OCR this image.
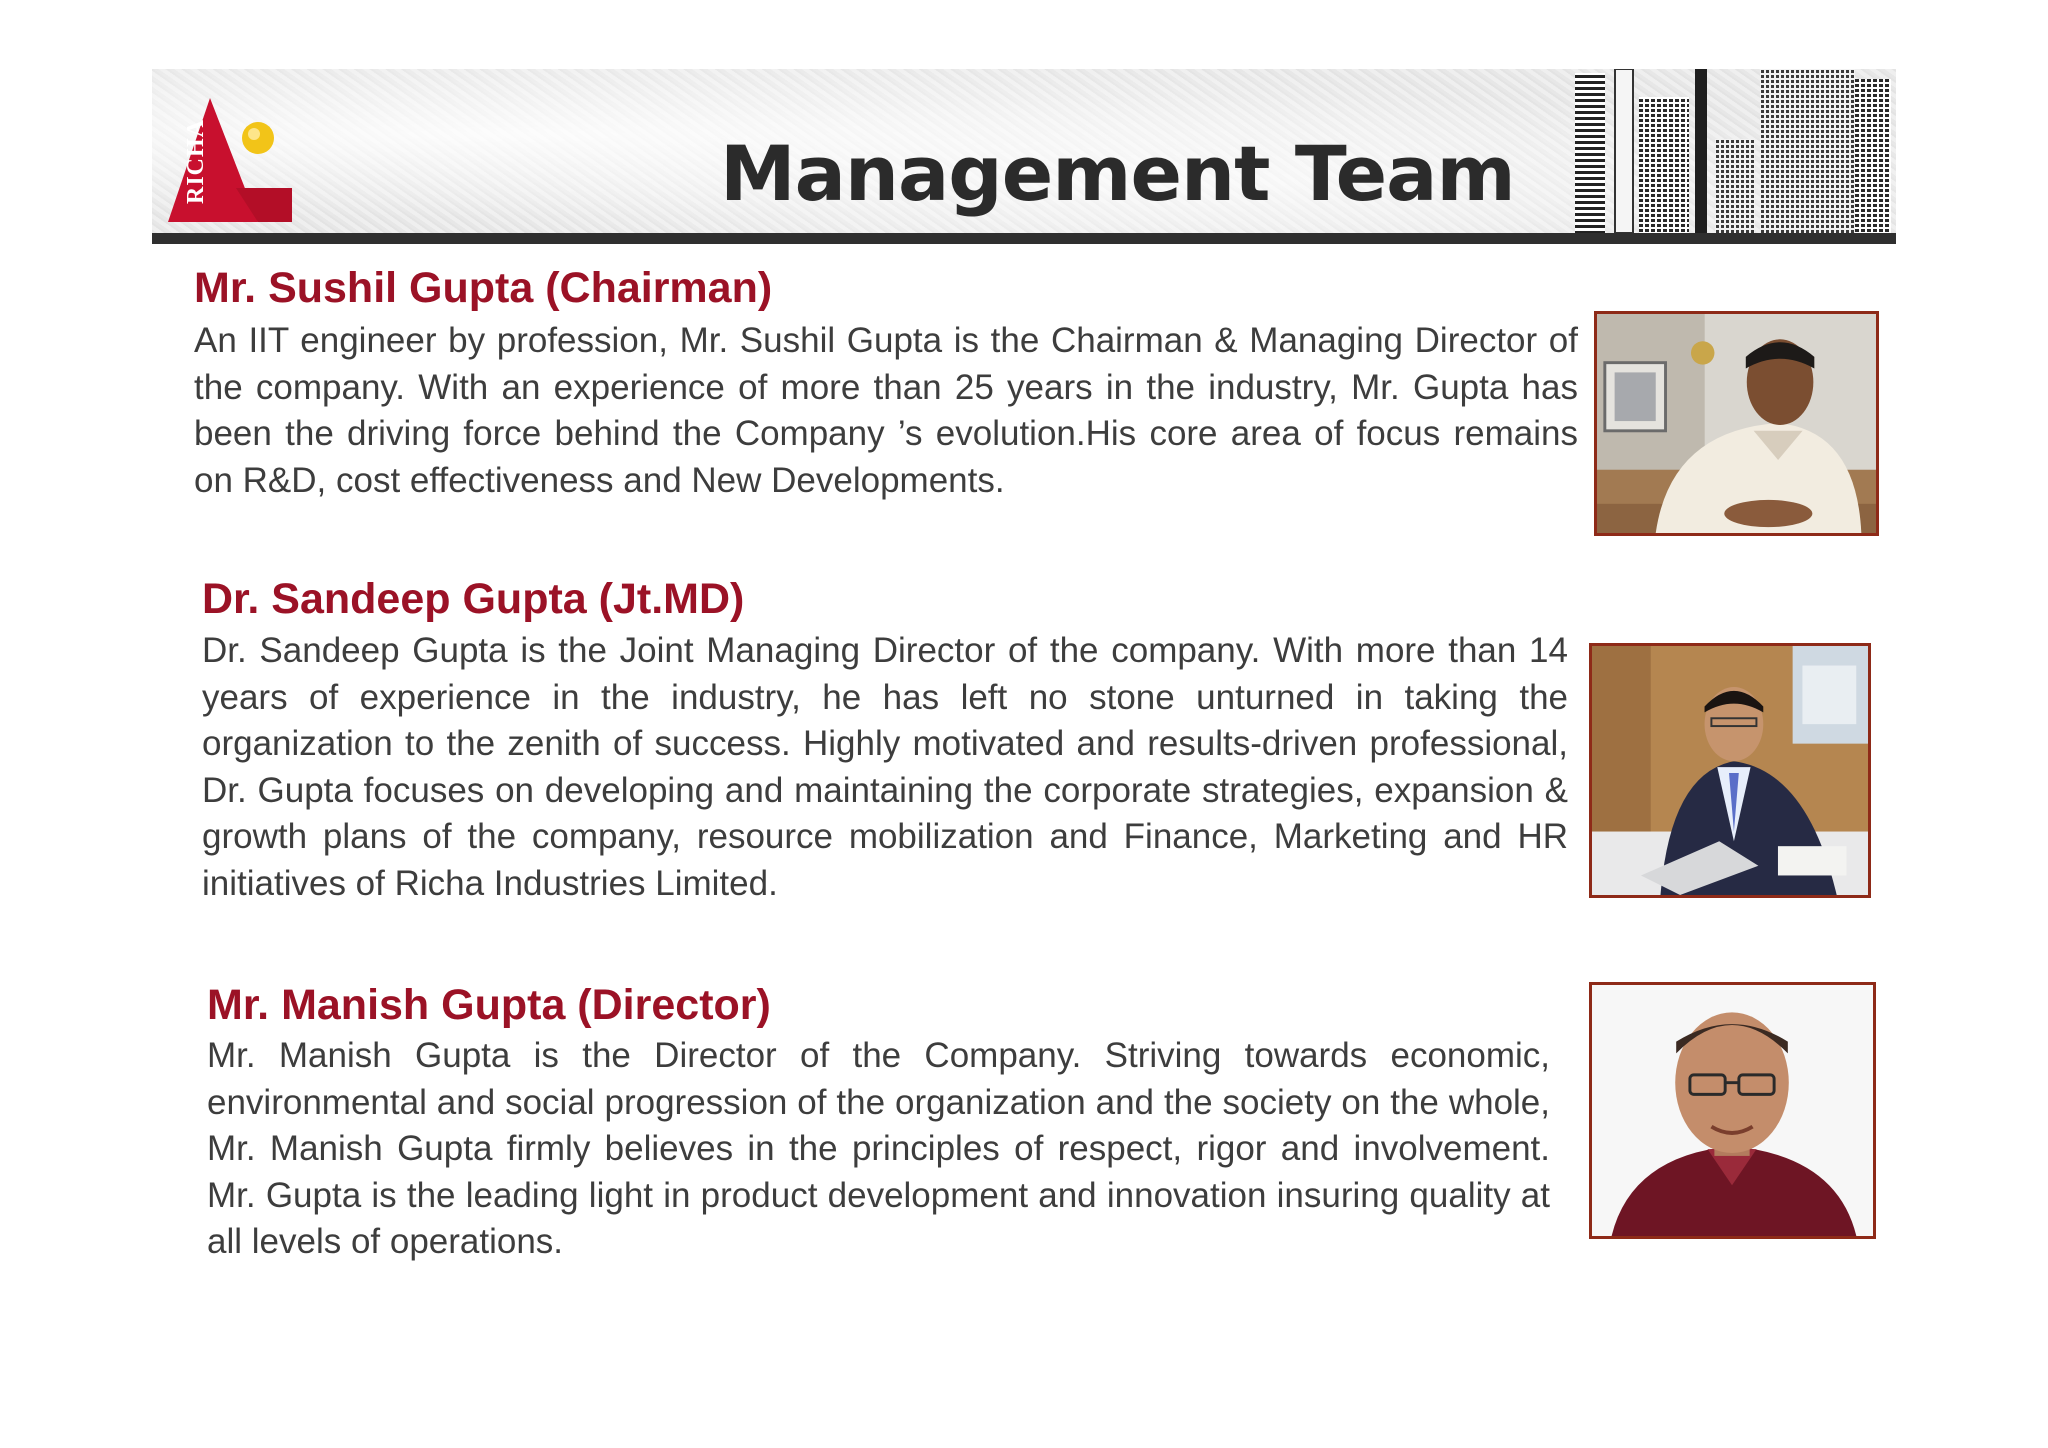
RICHA	Management Team
Mr. Sushil Gupta (Chairman)

An IIT engineer by profession, Mr. Sushil Gupta is the Chairman & Managing Director of the company. With an experience of more than 25 years in the industry, Mr. Gupta has been the driving force behind the Company ’s evolution.His core area of focus remains on R&D, cost effectiveness and New Developments.

Dr. Sandeep Gupta (Jt.MD)

Dr. Sandeep Gupta is the Joint Managing Director of the company. With more than 14 years of experience in the industry, he has left no stone unturned in taking the organization to the zenith of success. Highly motivated and results-driven professional, Dr. Gupta focuses on developing and maintaining the corporate strategies, expansion & growth plans of the company, resource mobilization and Finance, Marketing and HR initiatives of Richa Industries Limited.

Mr. Manish Gupta (Director)

Mr. Manish Gupta is the Director of the Company. Striving towards economic, environmental and social progression of the organization and the society on the whole, Mr. Manish Gupta firmly believes in the principles of respect, rigor and involvement. Mr. Gupta is the leading light in product development and innovation insuring quality at all levels of operations.
